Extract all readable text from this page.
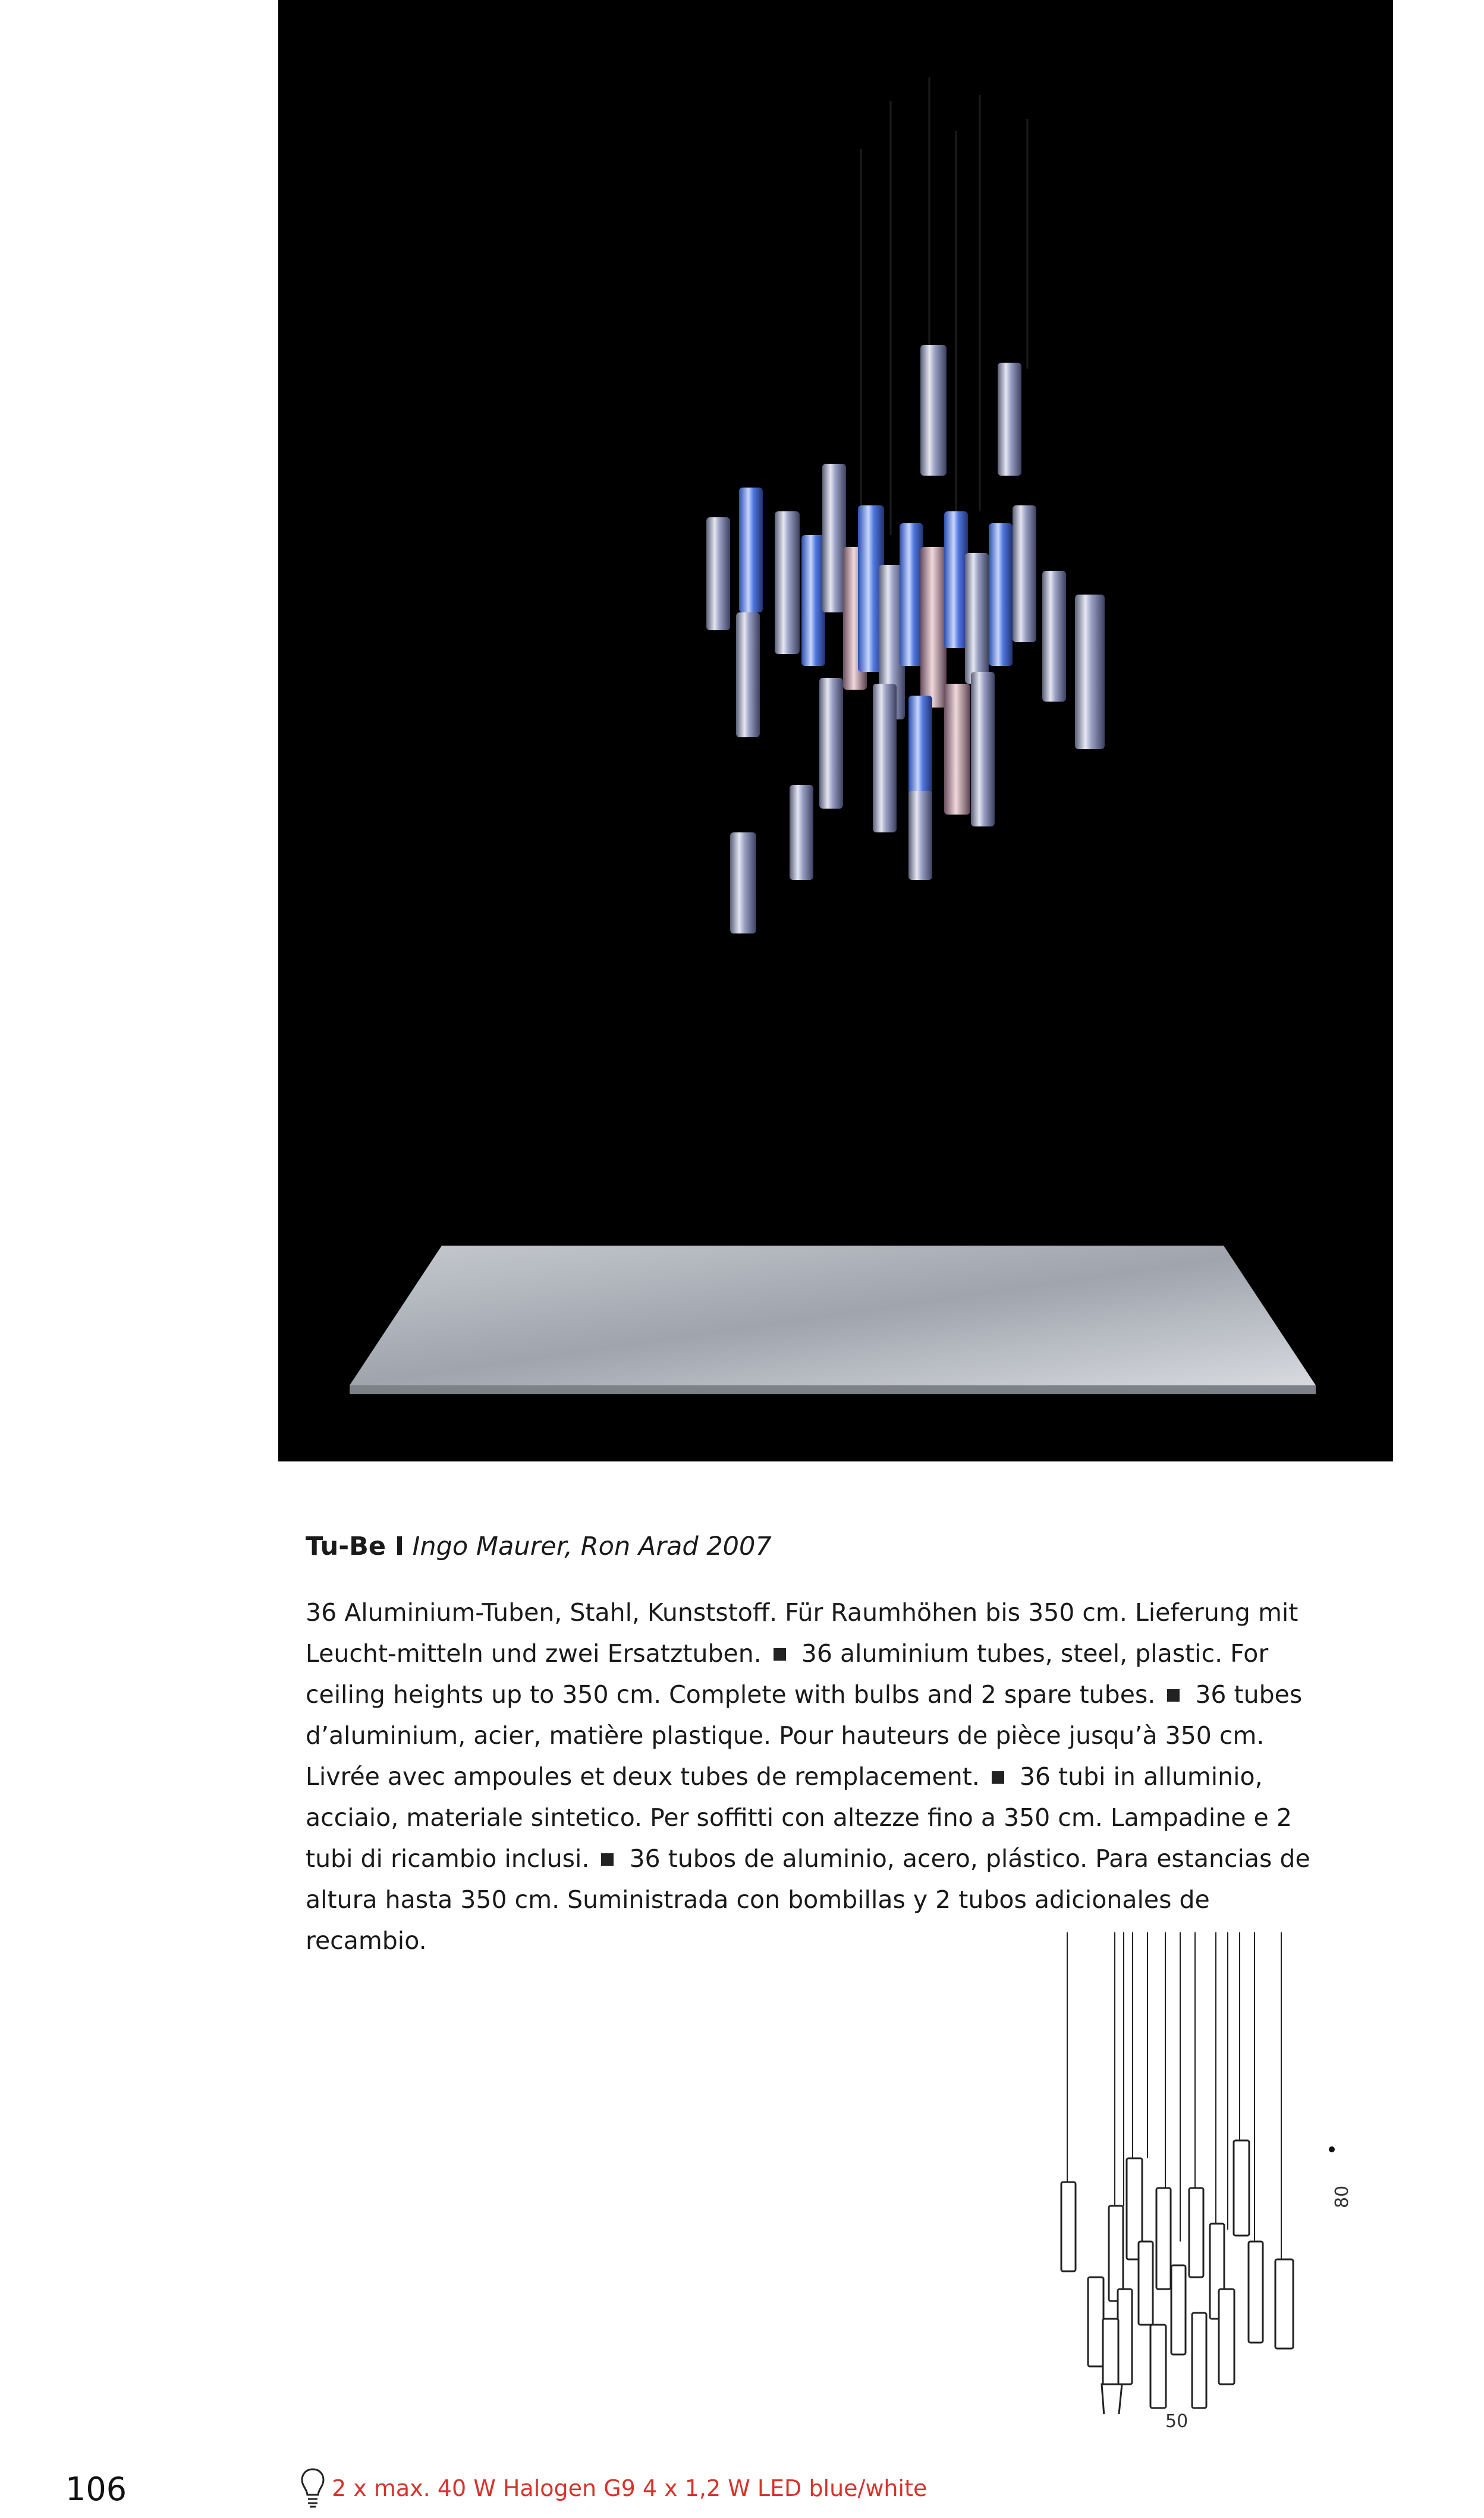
Tu-Be I Ingo Maurer, Ron Arad 2007
36 Aluminium-Tuben, Stahl, Kunststoff. Für Raumhöhen bis 350 cm. Lieferung mit Leucht-mitteln und zwei Ersatztuben. 36 aluminium tubes, steel, plastic. For ceiling heights up to 350 cm. Complete with bulbs and 2 spare tubes. 36 tubes d’aluminium, acier, matière plastique. Pour hauteurs de pièce jusqu’à 350 cm. Livrée avec ampoules et deux tubes de remplacement. 36 tubi in alluminio, acciaio, materiale sintetico. Per soffitti con altezze fino a 350 cm. Lampadine e 2 tubi di ricambio inclusi. 36 tubos de aluminio, acero, plástico. Para estancias de altura hasta 350 cm. Suministrada con bombillas y 2 tubos adicionales de recambio.
80
50
106	2 x max. 40 W Halogen G9 4 x 1,2 W LED blue/white
